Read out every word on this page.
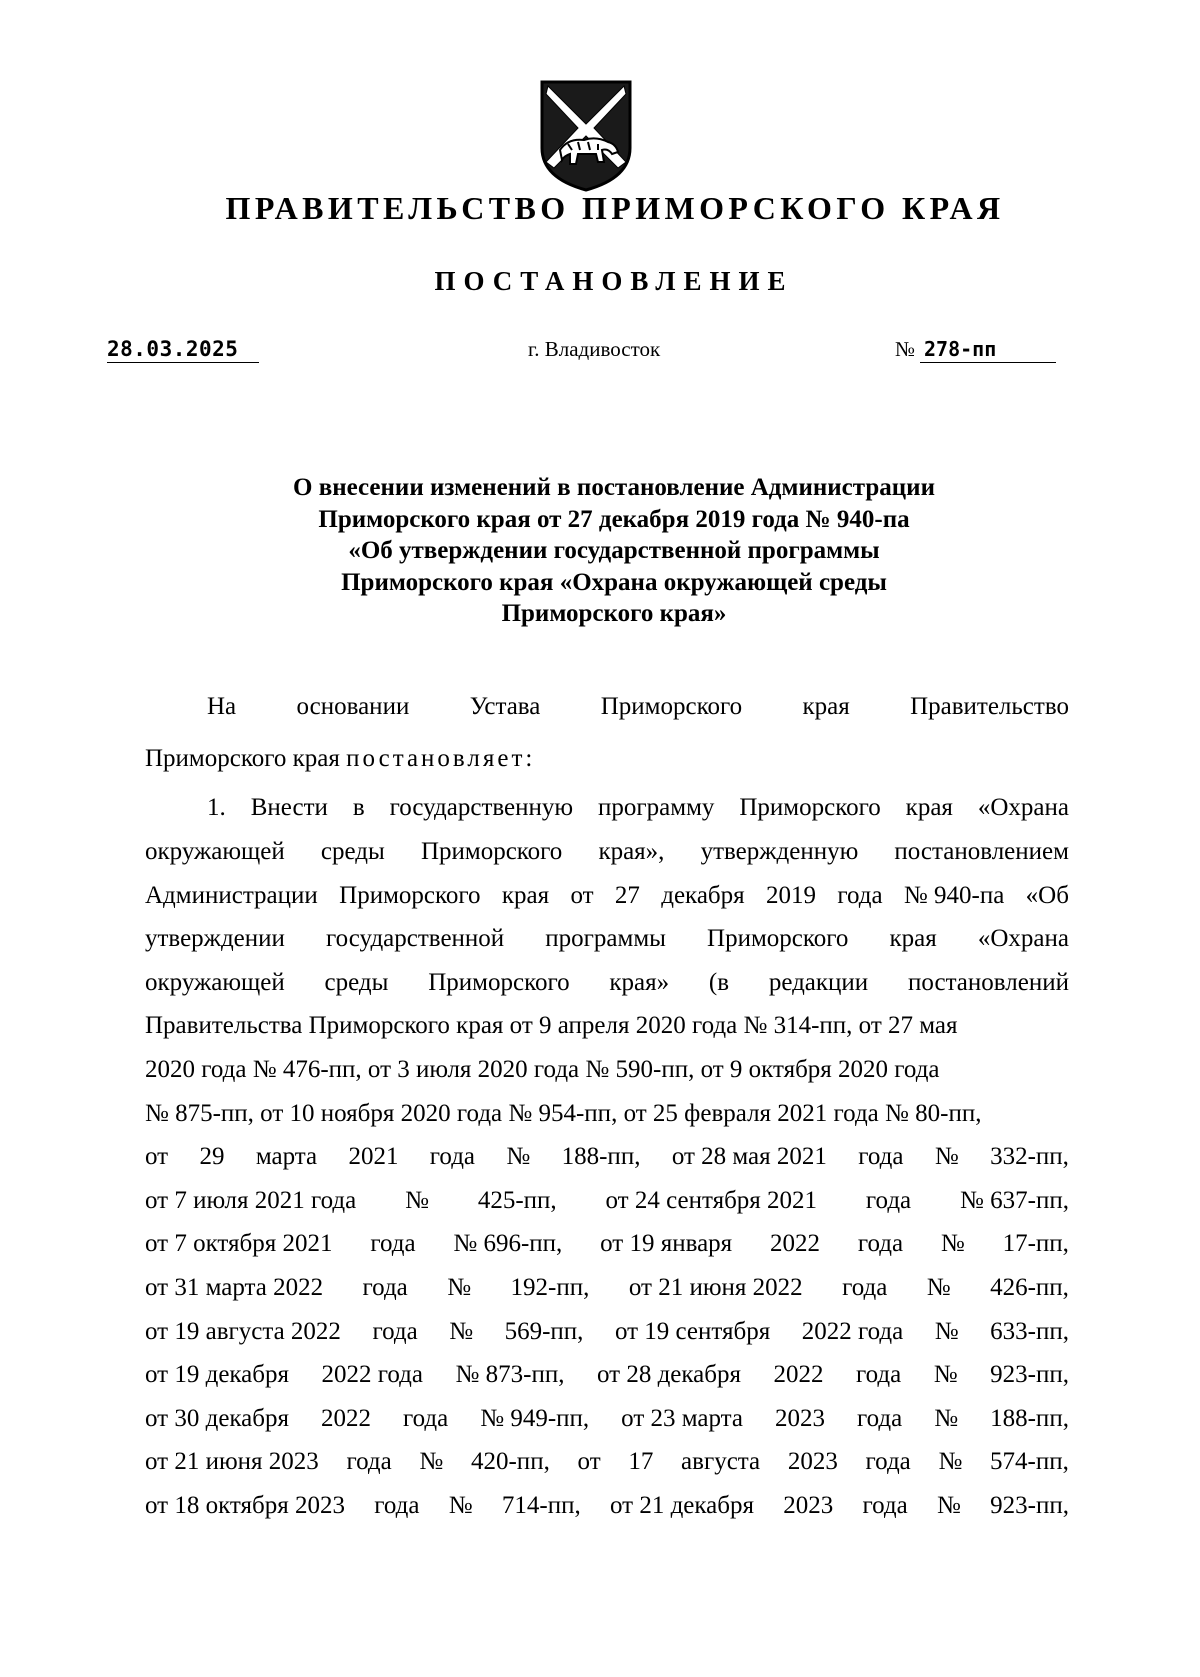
ПРАВИТЕЛЬСТВО ПРИМОРСКОГО КРАЯ
ПОСТАНОВЛЕНИЕ
28.03.2025	г. Владивосток	№ 278-пп
О внесении изменений в постановление Администрации
Приморского края от 27 декабря 2019 года № 940-па
«Об утверждении государственной программы
Приморского края «Охрана окружающей среды
Приморского края»
На основании Устава Приморского края Правительство
Приморского края постановляет:
1. Внести в государственную программу Приморского края «Охрана
окружающей среды Приморского края», утвержденную постановлением
Администрации Приморского края от 27 декабря 2019 года № 940-па «Об
утверждении государственной программы Приморского края «Охрана
окружающей среды Приморского края» (в редакции постановлений
Правительства Приморского края от 9 апреля 2020 года № 314-пп, от 27 мая
2020 года № 476-пп, от 3 июля 2020 года № 590-пп, от 9 октября 2020 года
№ 875-пп, от 10 ноября 2020 года № 954-пп, от 25 февраля 2021 года № 80-пп,
от 29 марта 2021 года № 188-пп, от 28 мая 2021 года № 332-пп,
от 7 июля 2021 года № 425-пп, от 24 сентября 2021 года № 637-пп,
от 7 октября 2021 года № 696-пп, от 19 января 2022 года № 17-пп,
от 31 марта 2022 года № 192-пп, от 21 июня 2022 года № 426-пп,
от 19 августа 2022 года № 569-пп, от 19 сентября 2022 года № 633-пп,
от 19 декабря 2022 года № 873-пп, от 28 декабря 2022 года № 923-пп,
от 30 декабря 2022 года № 949-пп, от 23 марта 2023 года № 188-пп,
от 21 июня 2023 года № 420-пп, от 17 августа 2023 года № 574-пп,
от 18 октября 2023 года № 714-пп, от 21 декабря 2023 года № 923-пп,
